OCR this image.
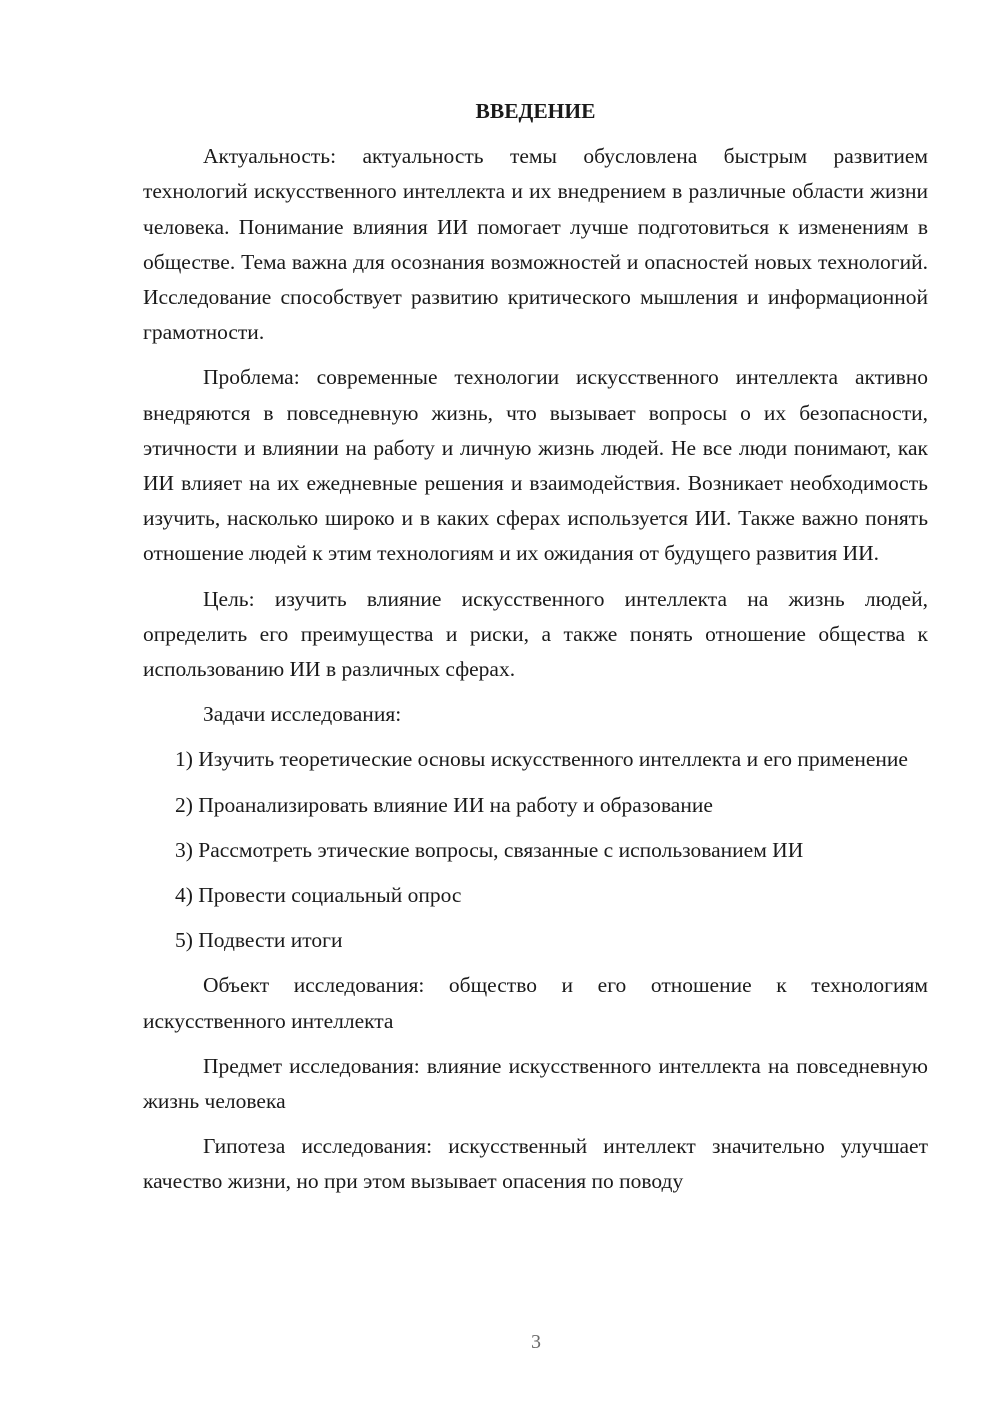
ВВЕДЕНИЕ

Актуальность: актуальность темы обусловлена быстрым развитием технологий искусственного интеллекта и их внедрением в различные области жизни человека. Понимание влияния ИИ помогает лучше подготовиться к изменениям в обществе. Тема важна для осознания возможностей и опасностей новых технологий. Исследование способствует развитию критического мышления и информационной грамотности.

Проблема: современные технологии искусственного интеллекта активно внедряются в повседневную жизнь, что вызывает вопросы о их безопасности, этичности и влиянии на работу и личную жизнь людей. Не все люди понимают, как ИИ влияет на их ежедневные решения и взаимодействия. Возникает необходимость изучить, насколько широко и в каких сферах используется ИИ. Также важно понять отношение людей к этим технологиям и их ожидания от будущего развития ИИ.

Цель: изучить влияние искусственного интеллекта на жизнь людей, определить его преимущества и риски, а также понять отношение общества к использованию ИИ в различных сферах.

Задачи исследования:

1) Изучить теоретические основы искусственного интеллекта и его применение

2) Проанализировать влияние ИИ на работу и образование

3) Рассмотреть этические вопросы, связанные с использованием ИИ

4) Провести социальный опрос

5) Подвести итоги

Объект исследования: общество и его отношение к технологиям искусственного интеллекта

Предмет исследования: влияние искусственного интеллекта на повседневную жизнь человека

Гипотеза исследования: искусственный интеллект значительно улучшает качество жизни, но при этом вызывает опасения по поводу

3
